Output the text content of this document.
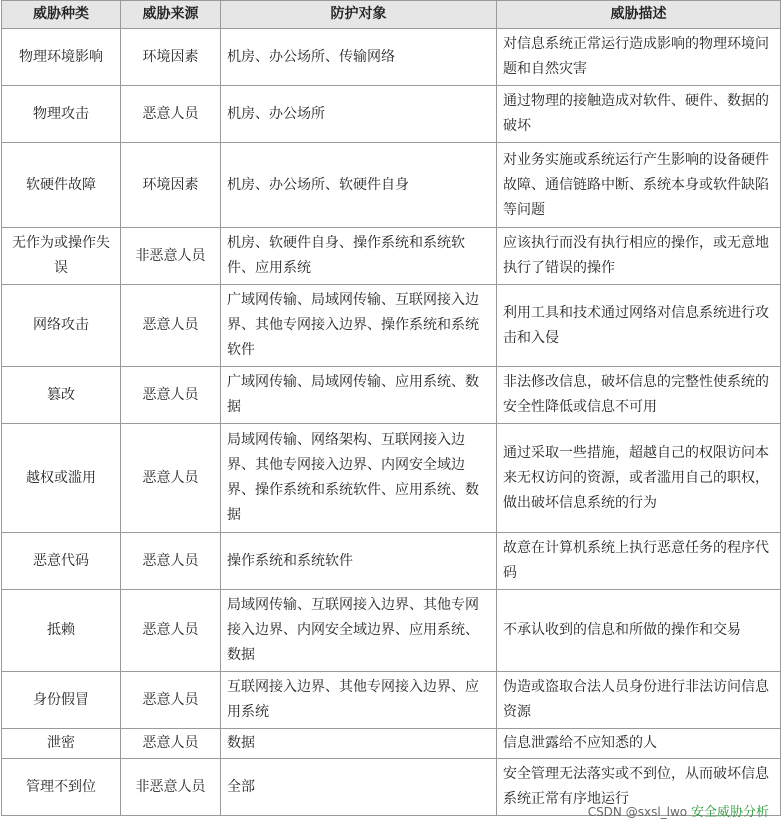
威胁种类	威胁来源	防护对象	威胁描述
物理环境影响	环境因素	机房、办公场所、传输网络	对信息系统正常运行造成影响的物理环境问题和自然灾害
物理攻击	恶意人员	机房、办公场所	通过物理的接触造成对软件、硬件、数据的破坏
软硬件故障	环境因素	机房、办公场所、软硬件自身	对业务实施或系统运行产生影响的设备硬件故障、通信链路中断、系统本身或软件缺陷等问题
无作为或操作失误	非恶意人员	机房、软硬件自身、操作系统和系统软件、应用系统	应该执行而没有执行相应的操作，或无意地执行了错误的操作
网络攻击	恶意人员	广域网传输、局域网传输、互联网接入边界、其他专网接入边界、操作系统和系统软件	利用工具和技术通过网络对信息系统进行攻击和入侵
篡改	恶意人员	广域网传输、局域网传输、应用系统、数据	非法修改信息，破坏信息的完整性使系统的安全性降低或信息不可用
越权或滥用	恶意人员	局域网传输、网络架构、互联网接入边界、其他专网接入边界、内网安全域边界、操作系统和系统软件、应用系统、数据	通过采取一些措施，超越自己的权限访问本来无权访问的资源，或者滥用自己的职权，做出破坏信息系统的行为
恶意代码	恶意人员	操作系统和系统软件	故意在计算机系统上执行恶意任务的程序代码
抵赖	恶意人员	局域网传输、互联网接入边界、其他专网接入边界、内网安全域边界、应用系统、数据	不承认收到的信息和所做的操作和交易
身份假冒	恶意人员	互联网接入边界、其他专网接入边界、应用系统	伪造或盗取合法人员身份进行非法访问信息资源
泄密	恶意人员	数据	信息泄露给不应知悉的人
管理不到位	非恶意人员	全部	安全管理无法落实或不到位，从而破坏信息系统正常有序地运行
CSDN @sxsl_lwo 安全威胁分析
